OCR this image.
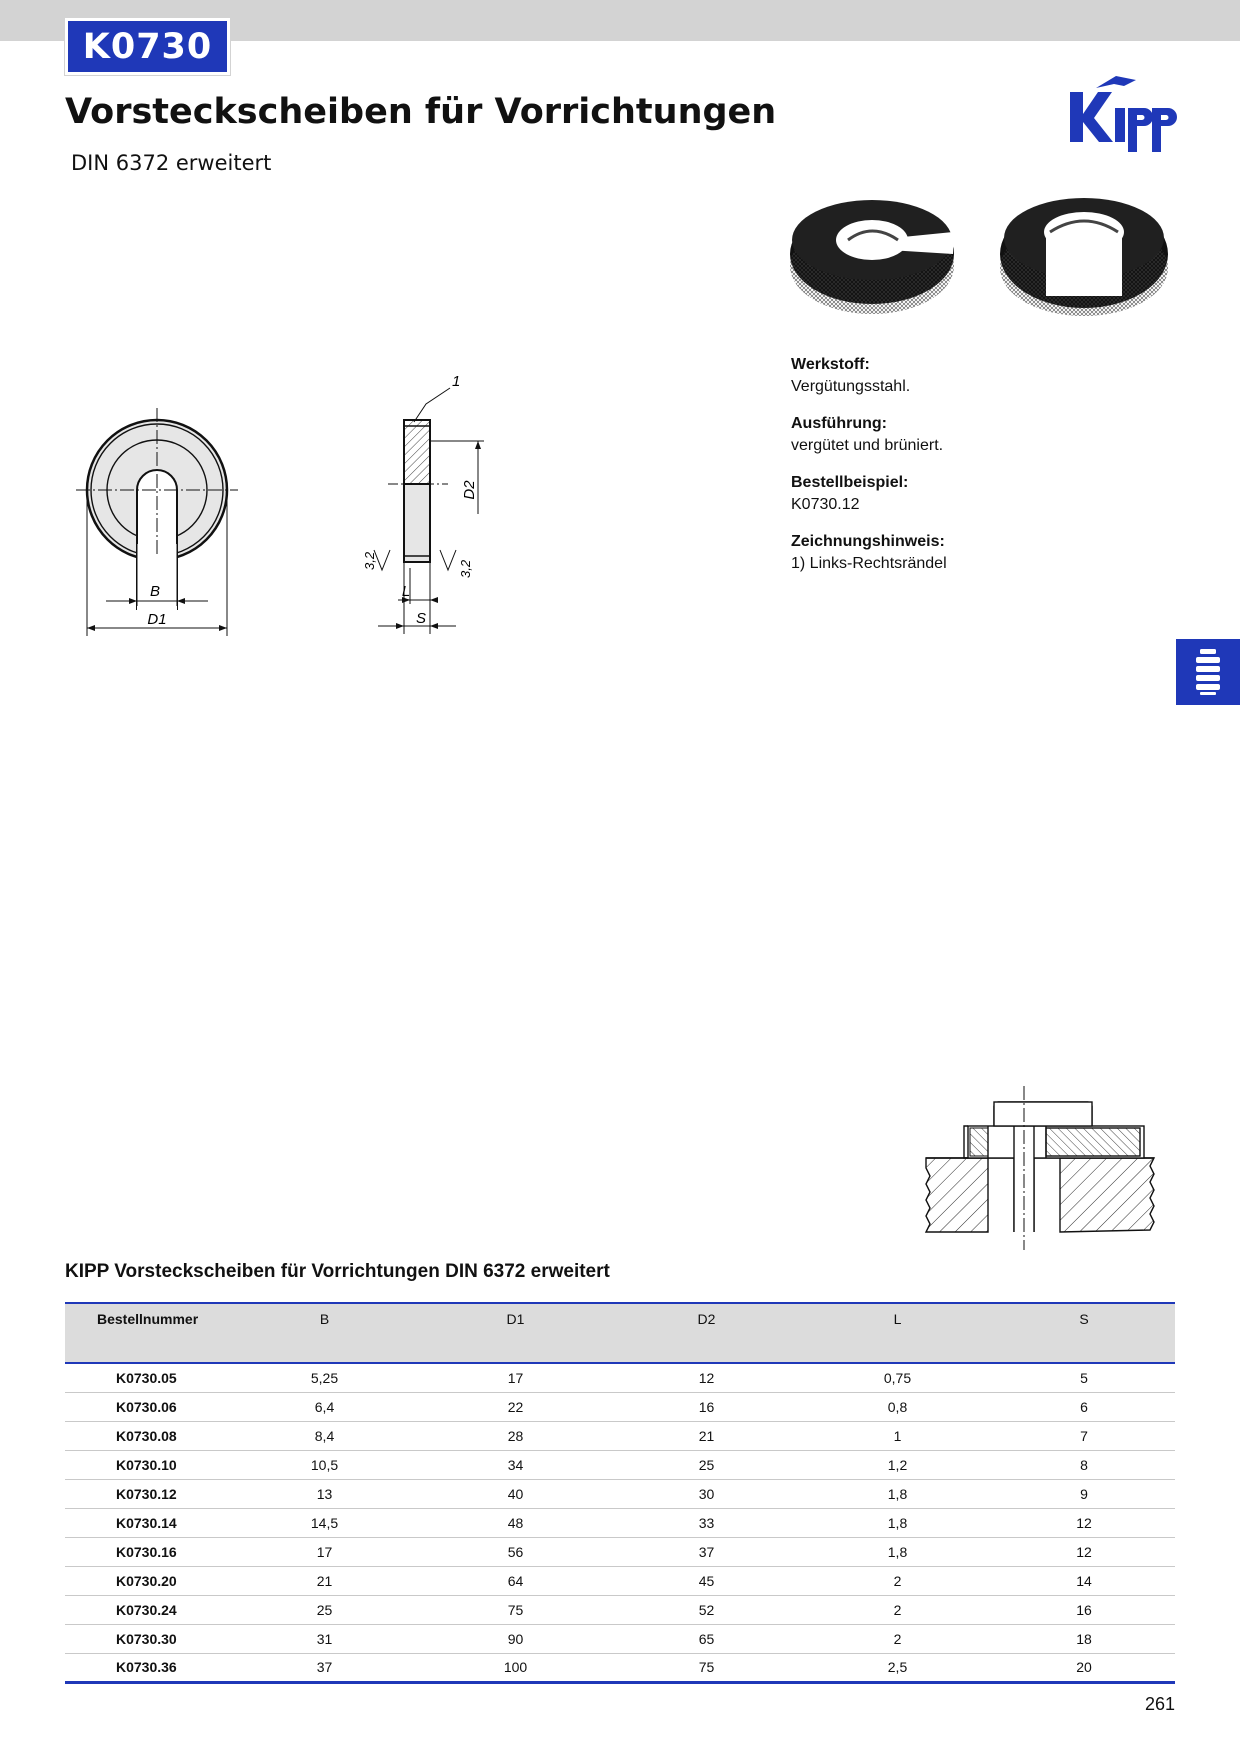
K0730
Vorsteckscheiben für Vorrichtungen
DIN 6372 erweitert
B
D1
1
D2
L
S
3,2	3,2
Werkstoff:
Vergütungsstahl.
Ausführung:
vergütet und brüniert.
Bestellbeispiel:
K0730.12
Zeichnungshinweis:
1) Links-Rechtsrändel
KIPP Vorsteckscheiben für Vorrichtungen DIN 6372 erweitert
Bestellnummer	B	D1	D2	L	S
K0730.05	5,25	17	12	0,75	5
K0730.06	6,4	22	16	0,8	6
K0730.08	8,4	28	21	1	7
K0730.10	10,5	34	25	1,2	8
K0730.12	13	40	30	1,8	9
K0730.14	14,5	48	33	1,8	12
K0730.16	17	56	37	1,8	12
K0730.20	21	64	45	2	14
K0730.24	25	75	52	2	16
K0730.30	31	90	65	2	18
K0730.36	37	100	75	2,5	20
261
